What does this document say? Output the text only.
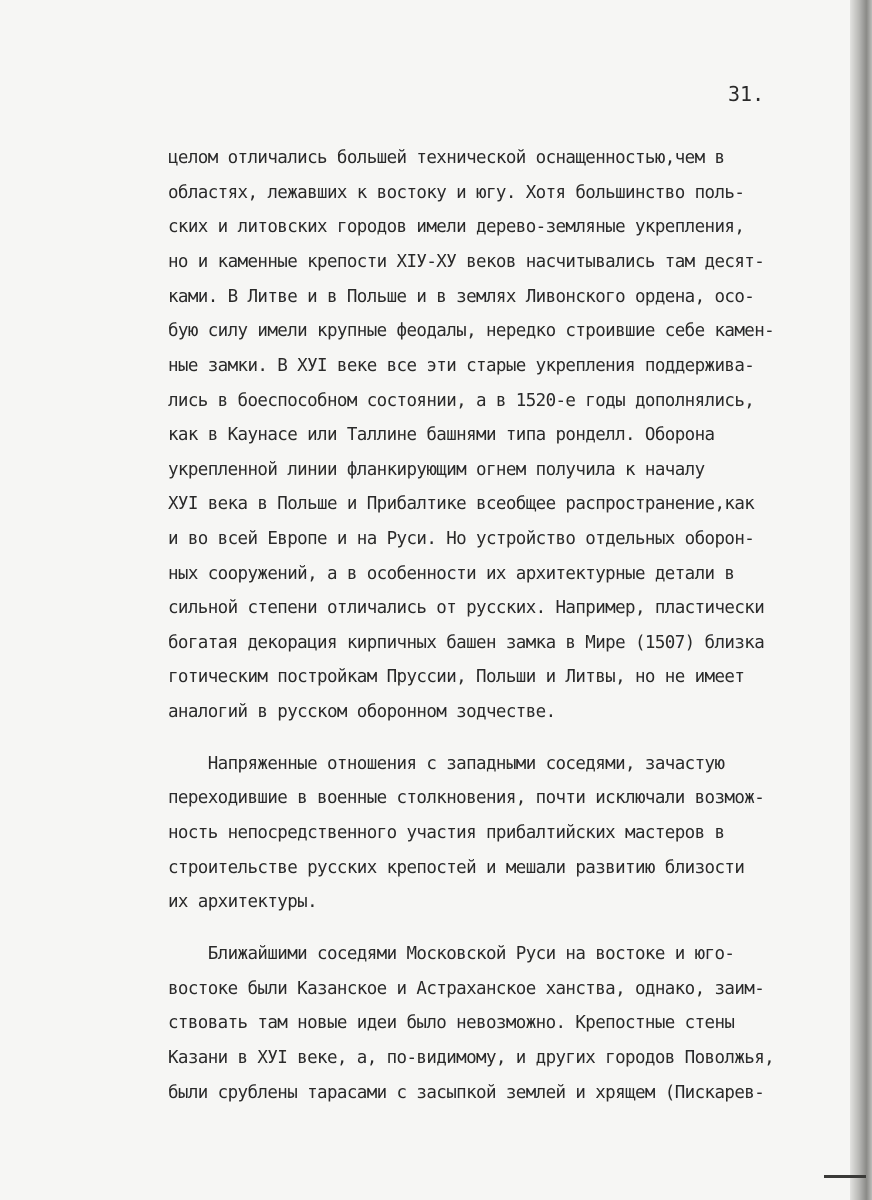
31.
целом отличались большей технической оснащенностью,чем в
областях, лежавших к востоку и югу. Хотя большинство поль-
ских и литовских городов имели дерево-земляные укрепления,
но и каменные крепости XIУ-XУ веков насчитывались там десят-
ками. В Литве и в Польше и в землях Ливонского ордена, осо-
бую силу имели крупные феодалы, нередко строившие себе камен-
ные замки. В XУI веке все эти старые укрепления поддержива-
лись в боеспособном состоянии, а в 1520-е годы дополнялись,
как в Каунасе или Таллине башнями типа ронделл. Оборона
укрепленной линии фланкирующим огнем получила к началу
XУI века в Польше и Прибалтике всеобщее распространение,как
и во всей Европе и на Руси. Но устройство отдельных оборон-
ных сооружений, а в особенности их архитектурные детали в
сильной степени отличались от русских. Например, пластически
богатая декорация кирпичных башен замка в Мире (1507) близка
готическим постройкам Пруссии, Польши и Литвы, но не имеет
аналогий в русском оборонном зодчестве.
Напряженные отношения с западными соседями, зачастую
переходившие в военные столкновения, почти исключали возмож-
ность непосредственного участия прибалтийских мастеров в
строительстве русских крепостей и мешали развитию близости
их архитектуры.
Ближайшими соседями Московской Руси на востоке и юго-
востоке были Казанское и Астраханское ханства, однако, заим-
ствовать там новые идеи было невозможно. Крепостные стены
Казани в XУI веке, а, по-видимому, и других городов Поволжья,
были срублены тарасами с засыпкой землей и хрящем (Пискарев-
